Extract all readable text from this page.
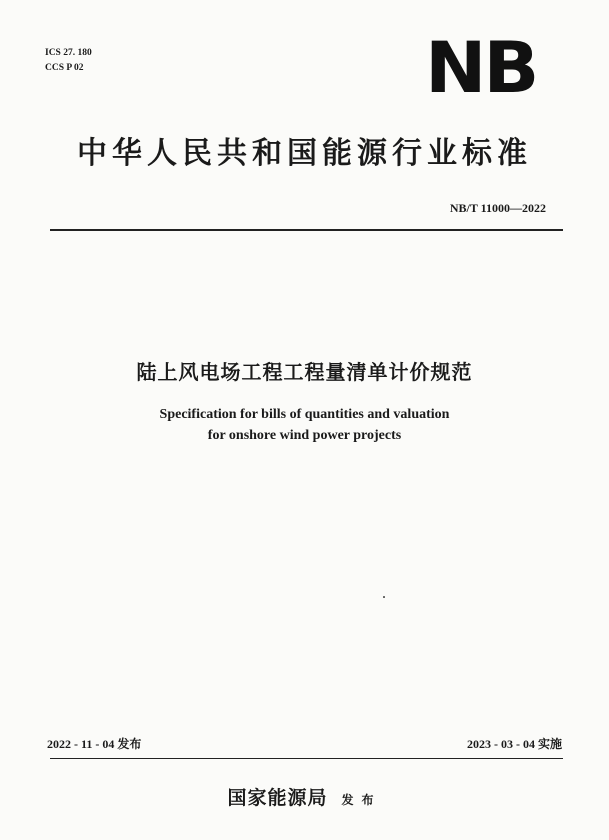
ICS 27. 180
CCS P 02	NB
中华人民共和国能源行业标准
NB/T 11000—2022
陆上风电场工程工程量清单计价规范
Specification for bills of quantities and valuation
for onshore wind power projects
2022 - 11 - 04 发布	2023 - 03 - 04 实施
国家能源局 发布
